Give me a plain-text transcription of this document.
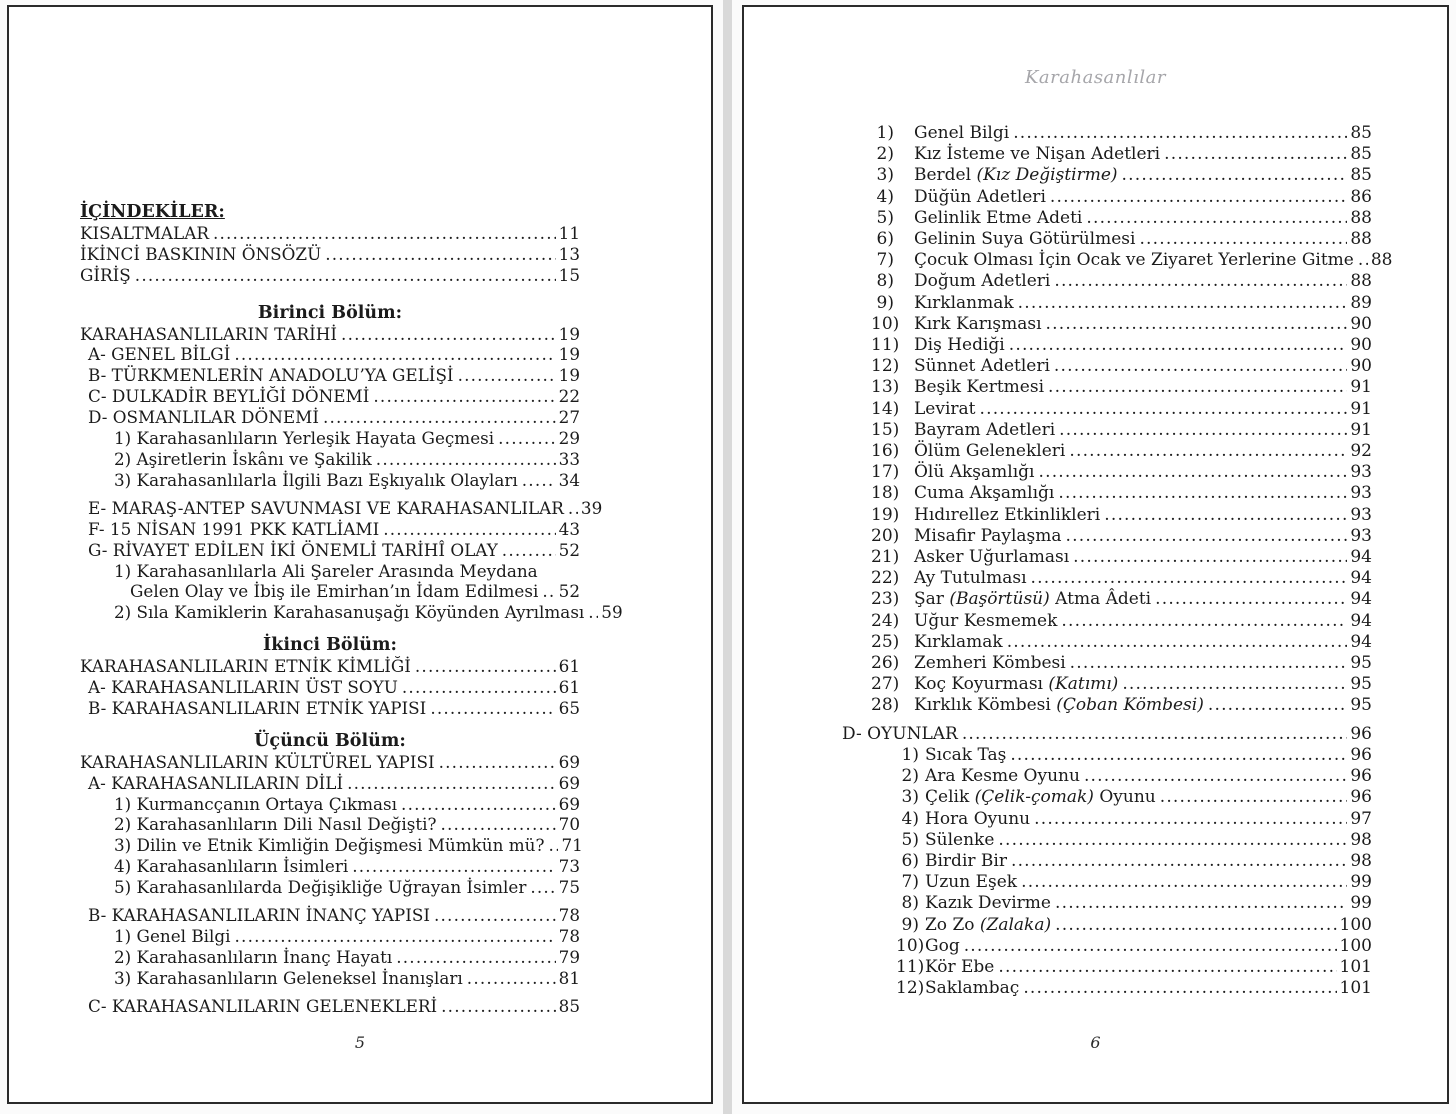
İÇİNDEKİLER:
KISALTMALAR .....	11
İKİNCİ BASKININ ÖNSÖZÜ .....	13
GİRİŞ .....	15
Birinci Bölüm:
KARAHASANLILARIN TARİHİ .....	19
A- GENEL BİLGİ .....	19
B- TÜRKMENLERİN ANADOLU’YA GELİŞİ .....	19
C- DULKADİR BEYLİĞİ DÖNEMİ .....	22
D- OSMANLILAR DÖNEMİ .....	27
1) Karahasanlıların Yerleşik Hayata Geçmesi .....	29
2) Aşiretlerin İskânı ve Şakilik .....	33
3) Karahasanlılarla İlgili Bazı Eşkıyalık Olayları ..... 34
E- MARAŞ-ANTEP SAVUNMASI VE KARAHASANLILAR ..... 39
F- 15 NİSAN 1991 PKK KATLİAMI .....	43
G- RİVAYET EDİLEN İKİ ÖNEMLİ TARİHÎ OLAY .....	52
1) Karahasanlılarla Ali Şareler Arasında Meydana
Gelen Olay ve İbiş ile Emirhan’ın İdam Edilmesi ..... 52
2) Sıla Kamiklerin Karahasanuşağı Köyünden Ayrılması ..... 59
İkinci Bölüm:
KARAHASANLILARIN ETNİK KİMLİĞİ .....	61
A- KARAHASANLILARIN ÜST SOYU .....	61
B- KARAHASANLILARIN ETNİK YAPISI .....	65
Üçüncü Bölüm:
KARAHASANLILARIN KÜLTÜREL YAPISI .....	69
A- KARAHASANLILARIN DİLİ .....	69
1) Kurmancçanın Ortaya Çıkması .....	69
2) Karahasanlıların Dili Nasıl Değişti? .....	70
3) Dilin ve Etnik Kimliğin Değişmesi Mümkün mü? ..... 71
4) Karahasanlıların İsimleri .....	73
5) Karahasanlılarda Değişikliğe Uğrayan İsimler ..... 75
B- KARAHASANLILARIN İNANÇ YAPISI .....	78
1) Genel Bilgi .....	78
2) Karahasanlıların İnanç Hayatı .....	79
3) Karahasanlıların Geleneksel İnanışları .....	81
C- KARAHASANLILARIN GELENEKLERİ .....	85
5
Karahasanlılar
1) Genel Bilgi .....	85
2) Kız İsteme ve Nişan Adetleri .....	85
3) Berdel (Kız Değiştirme) .....	85
4) Düğün Adetleri .....	86
5) Gelinlik Etme Adeti .....	88
6) Gelinin Suya Götürülmesi .....	88
7) Çocuk Olması İçin Ocak ve Ziyaret Yerlerine Gitme ..... 88
8) Doğum Adetleri .....	88
9) Kırklanmak .....	89
10) Kırk Karışması .....	90
11) Diş Hediği .....	90
12) Sünnet Adetleri .....	90
13) Beşik Kertmesi .....	91
14) Levirat .....	91
15) Bayram Adetleri .....	91
16) Ölüm Gelenekleri .....	92
17) Ölü Akşamlığı .....	93
18) Cuma Akşamlığı .....	93
19) Hıdırellez Etkinlikleri .....	93
20) Misafir Paylaşma .....	93
21) Asker Uğurlaması .....	94
22) Ay Tutulması .....	94
23) Şar (Başörtüsü) Atma Âdeti .....	94
24) Uğur Kesmemek .....	94
25) Kırklamak .....	94
26) Zemheri Kömbesi .....	95
27) Koç Koyurması (Katımı) .....	95
28) Kırklık Kömbesi (Çoban Kömbesi) .....	95
D- OYUNLAR .....	96
1) Sıcak Taş .....	96
2) Ara Kesme Oyunu .....	96
3) Çelik (Çelik-çomak) Oyunu .....	96
4) Hora Oyunu .....	97
5) Sülenke .....	98
6) Birdir Bir .....	98
7) Uzun Eşek .....	99
8) Kazık Devirme .....	99
9) Zo Zo (Zalaka) .....	100
10) Gog .....	100
11) Kör Ebe .....	101
12) Saklambaç .....	101
6
